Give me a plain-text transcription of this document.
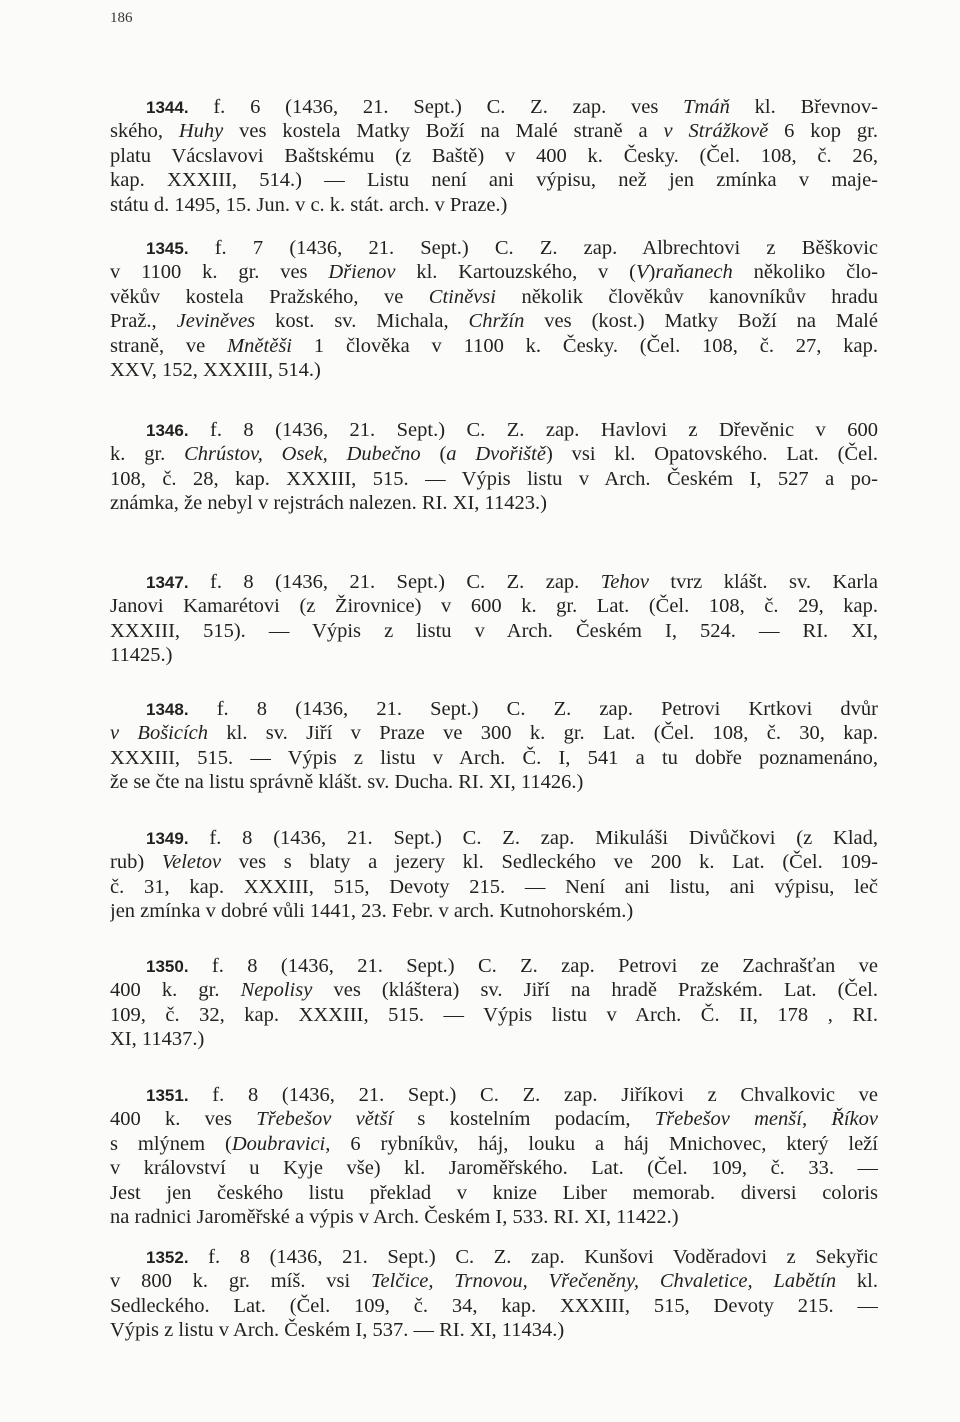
186
1344. f. 6 (1436, 21. Sept.) C. Z. zap. ves Tmáň kl. Břevnov-
ského, Huhy ves kostela Matky Boží na Malé straně a v Strážkově 6 kop gr.
platu Vácslavovi Baštskému (z Baště) v 400 k. Česky. (Čel. 108, č. 26,
kap. XXXIII, 514.) — Listu není ani výpisu, než jen zmínka v maje-
státu d. 1495, 15. Jun. v c. k. stát. arch. v Praze.)
1345. f. 7 (1436, 21. Sept.) C. Z. zap. Albrechtovi z Běškovic
v 1100 k. gr. ves Dřienov kl. Kartouzského, v (V)raňanech několiko člo-
věkův kostela Pražského, ve Ctiněvsi několik člověkův kanovníkův hradu
Praž., Jeviněves kost. sv. Michala, Chržín ves (kost.) Matky Boží na Malé
straně, ve Mnětěši 1 člověka v 1100 k. Česky. (Čel. 108, č. 27, kap.
XXV, 152, XXXIII, 514.)
1346. f. 8 (1436, 21. Sept.) C. Z. zap. Havlovi z Dřevěnic v 600
k. gr. Chrústov, Osek, Dubečno (a Dvořiště) vsi kl. Opatovského. Lat. (Čel.
108, č. 28, kap. XXXIII, 515. — Výpis listu v Arch. Českém I, 527 a po-
známka, že nebyl v rejstrách nalezen. RI. XI, 11423.)
1347. f. 8 (1436, 21. Sept.) C. Z. zap. Tehov tvrz klášt. sv. Karla
Janovi Kamarétovi (z Žirovnice) v 600 k. gr. Lat. (Čel. 108, č. 29, kap.
XXXIII, 515). — Výpis z listu v Arch. Českém I, 524. — RI. XI,
11425.)
1348. f. 8 (1436, 21. Sept.) C. Z. zap. Petrovi Krtkovi dvůr
v Bošicích kl. sv. Jiří v Praze ve 300 k. gr. Lat. (Čel. 108, č. 30, kap.
XXXIII, 515. — Výpis z listu v Arch. Č. I, 541 a tu dobře poznamenáno,
že se čte na listu správně klášt. sv. Ducha. RI. XI, 11426.)
1349. f. 8 (1436, 21. Sept.) C. Z. zap. Mikuláši Divůčkovi (z Klad,
rub) Veletov ves s blaty a jezery kl. Sedleckého ve 200 k. Lat. (Čel. 109-
č. 31, kap. XXXIII, 515, Devoty 215. — Není ani listu, ani výpisu, leč
jen zmínka v dobré vůli 1441, 23. Febr. v arch. Kutnohorském.)
1350. f. 8 (1436, 21. Sept.) C. Z. zap. Petrovi ze Zachrašťan ve
400 k. gr. Nepolisy ves (kláštera) sv. Jiří na hradě Pražském. Lat. (Čel.
109, č. 32, kap. XXXIII, 515. — Výpis listu v Arch. Č. II, 178 , RI.
XI, 11437.)
1351. f. 8 (1436, 21. Sept.) C. Z. zap. Jiříkovi z Chvalkovic ve
400 k. ves Třebešov větší s kostelním podacím, Třebešov menší, Říkov
s mlýnem (Doubravici, 6 rybníkův, háj, louku a háj Mnichovec, který leží
v království u Kyje vše) kl. Jaroměřského. Lat. (Čel. 109, č. 33. —
Jest jen českého listu překlad v knize Liber memorab. diversi coloris
na radnici Jaroměřské a výpis v Arch. Českém I, 533. RI. XI, 11422.)
1352. f. 8 (1436, 21. Sept.) C. Z. zap. Kunšovi Voděradovi z Sekyřic
v 800 k. gr. míš. vsi Telčice, Trnovou, Vřečeněny, Chvaletice, Labětín kl.
Sedleckého. Lat. (Čel. 109, č. 34, kap. XXXIII, 515, Devoty 215. —
Výpis z listu v Arch. Českém I, 537. — RI. XI, 11434.)
